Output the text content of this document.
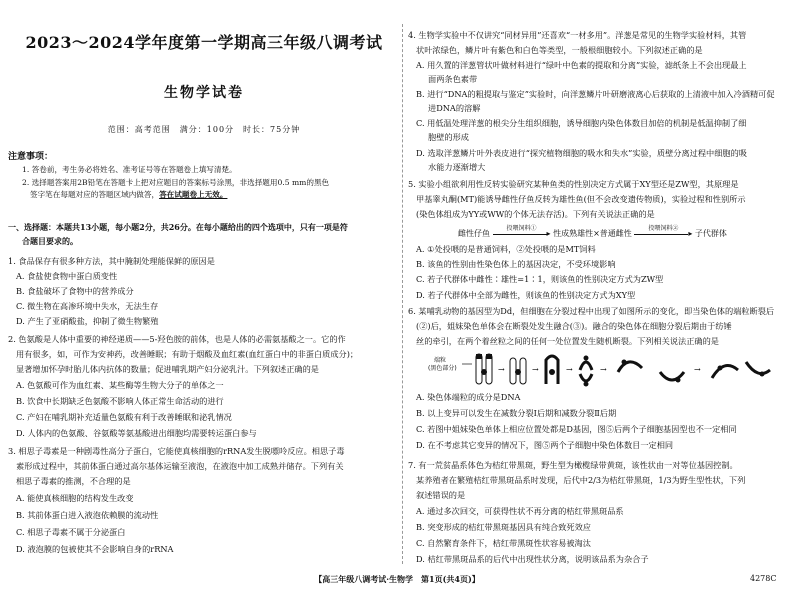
2023～2024学年度第一学期高三年级八调考试
生物学试卷
范围：高考范围　满分：100分　时长：75分钟
注意事项：
1. 答卷前，考生务必将姓名、准考证号等在答题卷上填写清楚。
2. 选择题答案用2B铅笔在答题卡上把对应题目的答案标号涂黑，非选择题用0.5 mm的黑色
签字笔在每题对应的答题区域内做答，答在试题卷上无效。
一、选择题：本题共13小题，每小题2分，共26分。在每小题给出的四个选项中，只有一项是符
合题目要求的。
1. 食品保存有很多种方法，其中腌制处理能保鲜的原因是
A. 食盐使食物中蛋白质变性
B. 食盐破坏了食物中的营养成分
C. 微生物在高渗环境中失水，无法生存
D. 产生了亚硝酸盐，抑制了微生物繁殖
2. 色氨酸是人体中重要的神经递质——5-羟色胺的前体，也是人体的必需氨基酸之一。它的作
用有很多，如，可作为安神药，改善睡眠；有助于烟酸及血红素(血红蛋白中的非蛋白质成分)；
显著增加怀孕时胎儿体内抗体的数量；促进哺乳期产妇分泌乳汁。下列叙述正确的是
A. 色氨酸可作为血红素、某些酶等生物大分子的单体之一
B. 饮食中长期缺乏色氨酸不影响人体正常生命活动的进行
C. 产妇在哺乳期补充适量色氨酸有利于改善睡眠和泌乳情况
D. 人体内的色氨酸、谷氨酸等氨基酸进出细胞均需要转运蛋白参与
3. 相思子毒素是一种剧毒性高分子蛋白，它能使真核细胞的rRNA发生脱嘌呤反应。相思子毒
素形成过程中，其前体蛋白通过高尔基体运输至液泡，在液泡中加工成熟并储存。下列有关
相思子毒素的推测，不合理的是
A. 能使真核细胞的结构发生改变
B. 其前体蛋白进入液泡依赖膜的流动性
C. 相思子毒素不属于分泌蛋白
D. 液泡膜的包被使其不会影响自身的rRNA
4. 生物学实验中不仅讲究“同材异用”还喜欢“一材多用”。洋葱是常见的生物学实验材料，其管
状叶浓绿色，鳞片叶有紫色和白色等类型，一般根细胞较小。下列叙述正确的是
A. 用久置的洋葱管状叶做材料进行“绿叶中色素的提取和分离”实验，滤纸条上不会出现最上
面两条色素带
B. 进行“DNA的粗提取与鉴定”实验时，向洋葱鳞片叶研磨液离心后获取的上清液中加入冷酒精可促
进DNA的溶解
C. 用低温处理洋葱的根尖分生组织细胞，诱导细胞内染色体数目加倍的机制是低温抑制了细
胞壁的形成
D. 选取洋葱鳞片叶外表皮进行“探究植物细胞的吸水和失水”实验，质壁分离过程中细胞的吸
水能力逐渐增大
5. 实验小组欲利用性反转实验研究某种鱼类的性别决定方式属于XY型还是ZW型，其原理是
甲基睾丸酮(MT)能诱导雌性仔鱼反转为雄性鱼(但不会改变遗传物质)，实验过程和性别所示
(染色体组成为YY或WW的个体无法存活)。下列有关说法正确的是
雌性仔鱼
投喂饲料①
▸ 性成熟雄性×普通雌性
投喂饲料②
▸ 子代群体
A. ①处投喂的是普通饲料，②处投喂的是MT饲料
B. 该鱼的性别由性染色体上的基因决定，不受环境影响
C. 若子代群体中雌性∶雄性=1∶1，则该鱼的性别决定方式为ZW型
D. 若子代群体中全部为雌性，则该鱼的性别决定方式为XY型
6. 某哺乳动物的基因型为Dd，但细胞在分裂过程中出现了如图所示的变化，即当染色体的端粒断裂后
(②)后，姐妹染色单体会在断裂处发生融合(③)。融合的染色体在细胞分裂后期由于纺锤
丝的牵引，在两个着丝粒之间的任何一处位置发生随机断裂。下列相关说法正确的是
端粒
(黑色部分)	→	→	→	→	→
A. 染色体端粒的成分是DNA
B. 以上变异可以发生在减数分裂Ⅰ后期和减数分裂Ⅱ后期
C. 若图中姐妹染色单体上相应位置处都是D基因，图⑤后两个子细胞基因型也不一定相同
D. 在不考虑其它变异的情况下，图⑤两个子细胞中染色体数目一定相同
7. 有一荒贫晶系体色为桔红带黑斑，野生型为橄榄绿带黄斑，该性状由一对等位基因控制。
某养殖者在繁殖桔红带黑斑品系时发现，后代中2/3为桔红带黑斑，1/3为野生型性状，下列
叙述错误的是
A. 通过多次回交，可获得性状不再分离的桔红带黑斑品系
B. 突变形成的桔红带黑斑基因具有纯合致死效应
C. 自然繁育条件下，桔红带黑斑性状容易被淘汰
D. 桔红带黑斑品系的后代中出现性状分离，说明该品系为杂合子
【高三年级八调考试·生物学　第1页(共4页)】	4278C
